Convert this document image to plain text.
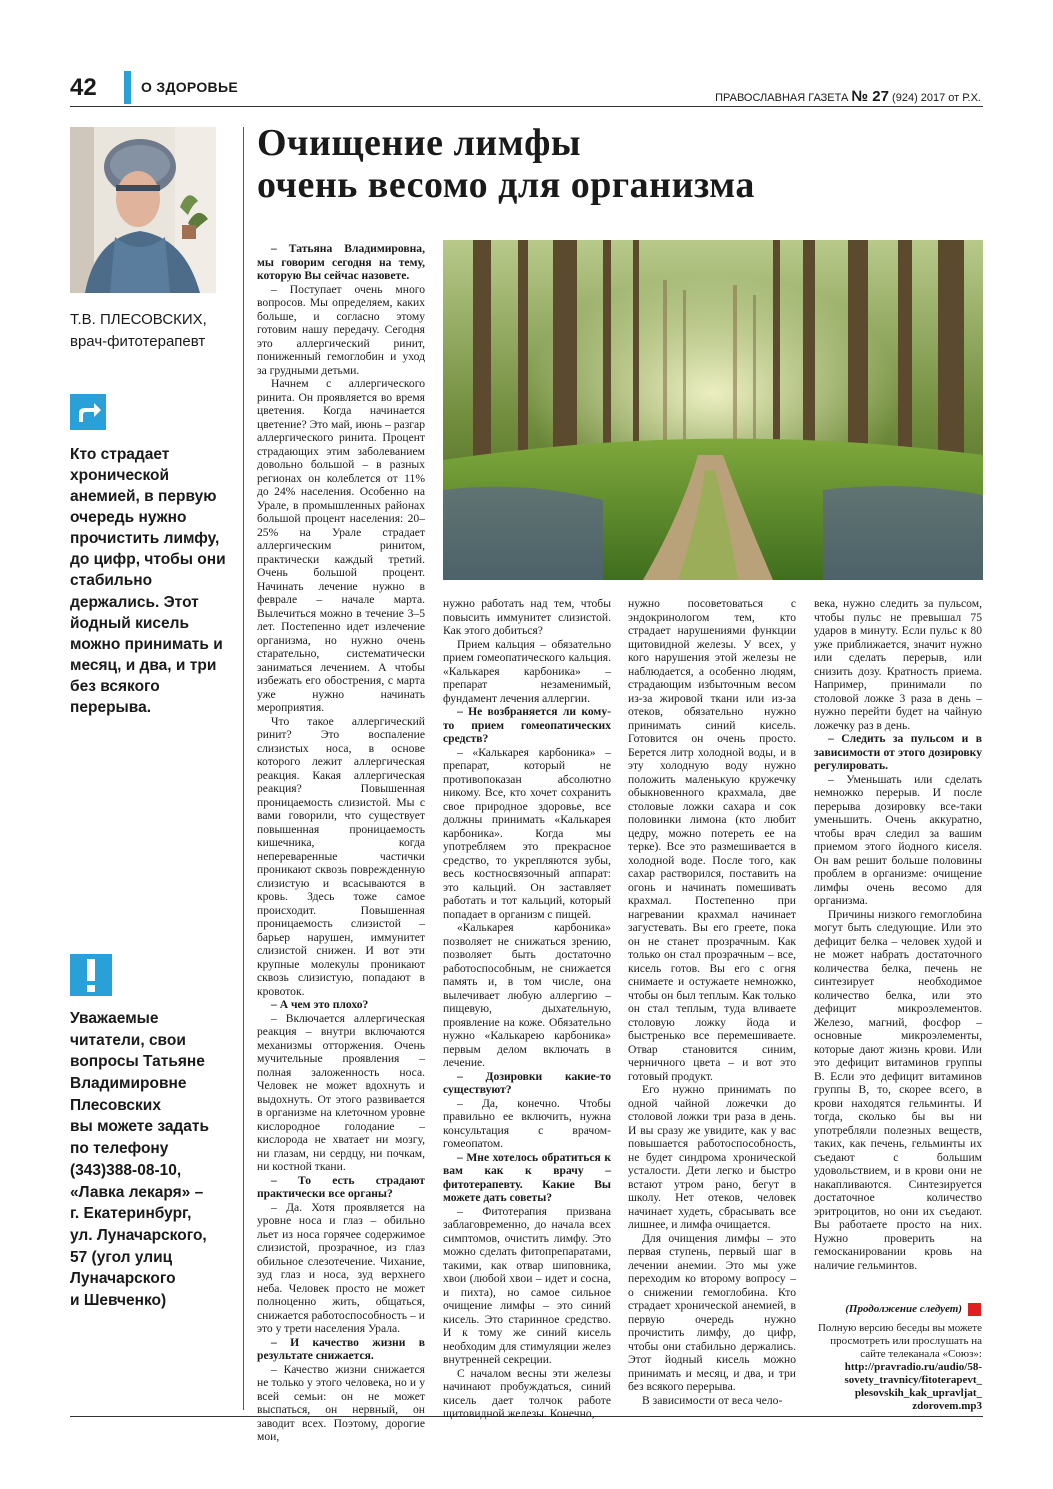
42	О ЗДОРОВЬЕ
ПРАВОСЛАВНАЯ ГАЗЕТА № 27 (924) 2017 от Р.Х.
Т.В. ПЛЕСОВСКИХ,
врач-фитотерапевт
Кто страдает хронической анемией, в первую очередь нужно прочистить лимфу, до цифр, чтобы они стабильно держались. Этот йодный кисель можно принимать и месяц, и два, и три без всякого перерыва.

Уважаемые
читатели, свои
вопросы Татьяне
Владимировне
Плесовских
вы можете задать
по телефону
(343)388-08-10,
«Лавка лекаря» –
г. Екатеринбург,
ул. Луначарского,
57 (угол улиц
Луначарского
и Шевченко)

Очищение лимфы
очень весомо для организма

– Татьяна Владимировна, мы говорим сегодня на тему, которую Вы сейчас назовете.

– Поступает очень много вопросов. Мы определяем, каких больше, и согласно этому готовим нашу передачу. Сегодня это аллергический ринит, пониженный гемоглобин и уход за грудными детьми.

Начнем с аллергического ринита. Он проявляется во время цветения. Когда начинается цветение? Это май, июнь – разгар аллергического ринита. Процент страдающих этим заболеванием довольно большой – в разных регионах он колеблется от 11% до 24% населения. Особенно на Урале, в промышленных районах большой процент населения: 20–25% на Урале страдает аллергическим ринитом, практически каждый третий. Очень большой процент. Начинать лечение нужно в феврале – начале марта. Вылечиться можно в течение 3–5 лет. Постепенно идет излечение организма, но нужно очень старательно, систематически заниматься лечением. А чтобы избежать его обострения, с марта уже нужно начинать мероприятия.

Что такое аллергический ринит? Это воспаление слизистых носа, в основе которого лежит аллергическая реакция. Какая аллергическая реакция? Повышенная проницаемость слизистой. Мы с вами говорили, что существует повышенная проницаемость кишечника, когда непереваренные частички проникают сквозь поврежденную слизистую и всасываются в кровь. Здесь тоже самое происходит. Повышенная проницаемость слизистой – барьер нарушен, иммунитет слизистой снижен. И вот эти крупные молекулы проникают сквозь слизистую, попадают в кровоток.

– А чем это плохо?

– Включается аллергическая реакция – внутри включаются механизмы отторжения. Очень мучительные проявления – полная заложенность носа. Человек не может вдохнуть и выдохнуть. От этого развивается в организме на клеточном уровне кислородное голодание – кислорода не хватает ни мозгу, ни глазам, ни сердцу, ни почкам, ни костной ткани.

– То есть страдают практически все органы?

– Да. Хотя проявляется на уровне носа и глаз – обильно льет из носа горячее содержимое слизистой, прозрачное, из глаз обильное слезотечение. Чихание, зуд глаз и носа, зуд верхнего неба. Человек просто не может полноценно жить, общаться, снижается работоспособность – и это у трети населения Урала.

– И качество жизни в результате снижается.

– Качество жизни снижается не только у этого человека, но и у всей семьи: он не может выспаться, он нервный, он заводит всех. Поэтому, дорогие мои,

нужно работать над тем, чтобы повысить иммунитет слизистой. Как этого добиться?

Прием кальция – обязательно прием гомеопатического кальция. «Калькарея карбоника» – препарат незаменимый, фундамент лечения аллергии.

– Не возбраняется ли кому-то прием гомеопатических средств?

– «Калькарея карбоника» – препарат, который не противопоказан абсолютно никому. Все, кто хочет сохранить свое природное здоровье, все должны принимать «Калькарея карбоника». Когда мы употребляем это прекрасное средство, то укрепляются зубы, весь костносвязочный аппарат: это кальций. Он заставляет работать и тот кальций, который попадает в организм с пищей.

«Калькарея карбоника» позволяет не снижаться зрению, позволяет быть достаточно работоспособным, не снижается память и, в том числе, она вылечивает любую аллергию – пищевую, дыхательную, проявление на коже. Обязательно нужно «Калькарею карбоника» первым делом включать в лечение.

– Дозировки какие-то существуют?

– Да, конечно. Чтобы правильно ее включить, нужна консультация с врачом-гомеопатом.

– Мне хотелось обратиться к вам как к врачу – фитотерапевту. Какие Вы можете дать советы?

– Фитотерапия призвана заблаговременно, до начала всех симптомов, очистить лимфу. Это можно сделать фитопрепаратами, такими, как отвар шиповника, хвои (любой хвои – идет и сосна, и пихта), но самое сильное очищение лимфы – это синий кисель. Это старинное средство. И к тому же синий кисель необходим для стимуляции желез внутренней секреции.

С началом весны эти железы начинают пробуждаться, синий кисель дает толчок работе щитовидной железы. Конечно,

нужно посоветоваться с эндокринологом тем, кто страдает нарушениями функции щитовидной железы. У всех, у кого нарушения этой железы не наблюдается, а особенно людям, страдающим избыточным весом из-за жировой ткани или из-за отеков, обязательно нужно принимать синий кисель. Готовится он очень просто. Берется литр холодной воды, и в эту холодную воду нужно положить маленькую кружечку обыкновенного крахмала, две столовые ложки сахара и сок половинки лимона (кто любит цедру, можно потереть ее на терке). Все это размешивается в холодной воде. После того, как сахар растворился, поставить на огонь и начинать помешивать крахмал. Постепенно при нагревании крахмал начинает загустевать. Вы его греете, пока он не станет прозрачным. Как только он стал прозрачным – все, кисель готов. Вы его с огня снимаете и остужаете немножко, чтобы он был теплым. Как только он стал теплым, туда вливаете столовую ложку йода и быстренько все перемешиваете. Отвар становится синим, черничного цвета – и вот это готовый продукт.

Его нужно принимать по одной чайной ложечки до столовой ложки три раза в день. И вы сразу же увидите, как у вас повышается работоспособность, не будет синдрома хронической усталости. Дети легко и быстро встают утром рано, бегут в школу. Нет отеков, человек начинает худеть, сбрасывать все лишнее, и лимфа очищается.

Для очищения лимфы – это первая ступень, первый шаг в лечении анемии. Это мы уже переходим ко второму вопросу – о снижении гемоглобина. Кто страдает хронической анемией, в первую очередь нужно прочистить лимфу, до цифр, чтобы они стабильно держались. Этот йодный кисель можно принимать и месяц, и два, и три без всякого перерыва.

В зависимости от веса чело-

века, нужно следить за пульсом, чтобы пульс не превышал 75 ударов в минуту. Если пульс к 80 уже приближается, значит нужно или сделать перерыв, или снизить дозу. Кратность приема. Например, принимали по столовой ложке 3 раза в день – нужно перейти будет на чайную ложечку раз в день.

– Следить за пульсом и в зависимости от этого дозировку регулировать.

– Уменьшать или сделать немножко перерыв. И после перерыва дозировку все-таки уменьшить. Очень аккуратно, чтобы врач следил за вашим приемом этого йодного киселя. Он вам решит больше половины проблем в организме: очищение лимфы очень весомо для организма.

Причины низкого гемоглобина могут быть следующие. Или это дефицит белка – человек худой и не может набрать достаточного количества белка, печень не синтезирует необходимое количество белка, или это дефицит микроэлементов. Железо, магний, фосфор – основные микроэлементы, которые дают жизнь крови. Или это дефицит витаминов группы В. Если это дефицит витаминов группы В, то, скорее всего, в крови находятся гельминты. И тогда, сколько бы вы ни употребляли полезных веществ, таких, как печень, гельминты их съедают с большим удовольствием, и в крови они не накапливаются. Синтезируется достаточное количество эритроцитов, но они их съедают. Вы работаете просто на них. Нужно проверить на гемосканировании кровь на наличие гельминтов.

(Продолжение следует)
Полную версию беседы вы можете просмотреть или прослушать на сайте телеканала «Союз»:
http://pravradio.ru/audio/58-
sovety_travnicy/fitoterapevt_
plesovskih_kak_upravljat_
zdorovem.mp3
